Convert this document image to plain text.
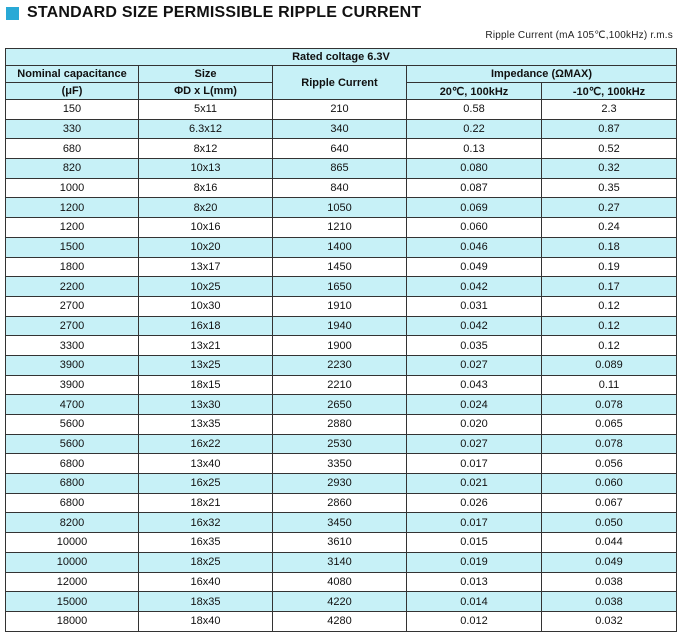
STANDARD SIZE PERMISSIBLE RIPPLE CURRENT
Ripple Current (mA 105℃,100kHz) r.m.s
Rated coltage 6.3V				
Nominal capacitance	Size	Ripple Current	Impedance (ΩMAX)	
(μF)	ΦD x L(mm)		20℃, 100kHz	-10℃, 100kHz
150	5x11	210	0.58	2.3
330	6.3x12	340	0.22	0.87
680	8x12	640	0.13	0.52
820	10x13	865	0.080	0.32
1000	8x16	840	0.087	0.35
1200	8x20	1050	0.069	0.27
1200	10x16	1210	0.060	0.24
1500	10x20	1400	0.046	0.18
1800	13x17	1450	0.049	0.19
2200	10x25	1650	0.042	0.17
2700	10x30	1910	0.031	0.12
2700	16x18	1940	0.042	0.12
3300	13x21	1900	0.035	0.12
3900	13x25	2230	0.027	0.089
3900	18x15	2210	0.043	0.11
4700	13x30	2650	0.024	0.078
5600	13x35	2880	0.020	0.065
5600	16x22	2530	0.027	0.078
6800	13x40	3350	0.017	0.056
6800	16x25	2930	0.021	0.060
6800	18x21	2860	0.026	0.067
8200	16x32	3450	0.017	0.050
10000	16x35	3610	0.015	0.044
10000	18x25	3140	0.019	0.049
12000	16x40	4080	0.013	0.038
15000	18x35	4220	0.014	0.038
18000	18x40	4280	0.012	0.032
